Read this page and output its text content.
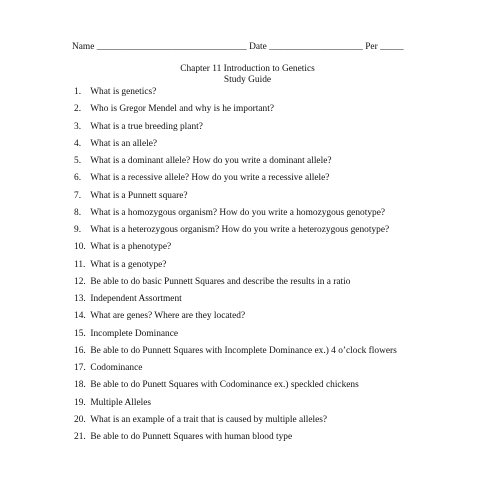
Name ________________________________ Date ____________________ Per _____
Chapter 11 Introduction to Genetics
Study Guide
1. What is genetics?
2. Who is Gregor Mendel and why is he important?
3. What is a true breeding plant?
4. What is an allele?
5. What is a dominant allele? How do you write a dominant allele?
6. What is a recessive allele? How do you write a recessive allele?
7. What is a Punnett square?
8. What is a homozygous organism? How do you write a homozygous genotype?
9. What is a heterozygous organism? How do you write a heterozygous genotype?
10. What is a phenotype?
11. What is a genotype?
12. Be able to do basic Punnett Squares and describe the results in a ratio
13. Independent Assortment
14. What are genes? Where are they located?
15. Incomplete Dominance
16. Be able to do Punnett Squares with Incomplete Dominance ex.) 4 o’clock flowers
17. Codominance
18. Be able to do Punett Squares with Codominance ex.) speckled chickens
19. Multiple Alleles
20. What is an example of a trait that is caused by multiple alleles?
21. Be able to do Punnett Squares with human blood type
